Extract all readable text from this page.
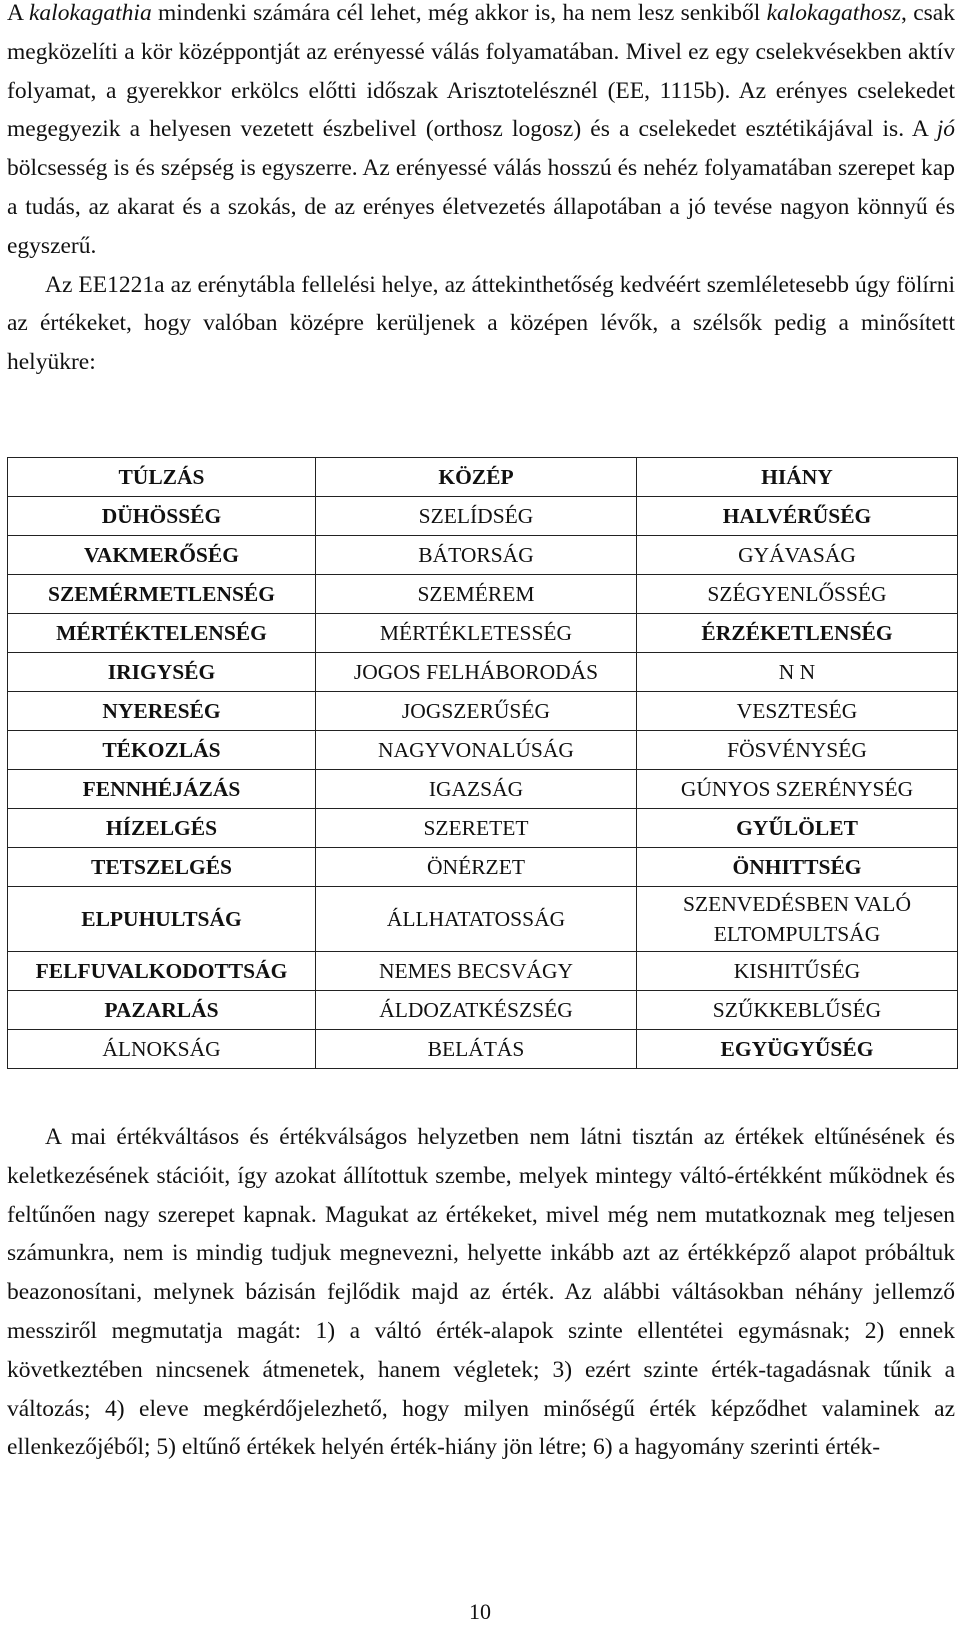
A kalokagathia mindenki számára cél lehet, még akkor is, ha nem lesz senkiből kalokagathosz, csak megközelíti a kör középpontját az erényessé válás folyamatában. Mivel ez egy cselekvésekben aktív folyamat, a gyerekkor erkölcs előtti időszak Arisztotelésznél (EE, 1115b). Az erényes cselekedet megegyezik a helyesen vezetett észbelivel (orthosz logosz) és a cselekedet esztétikájával is. A jó bölcsesség is és szépség is egyszerre. Az erényessé válás hosszú és nehéz folyamatában szerepet kap a tudás, az akarat és a szokás, de az erényes életvezetés állapotában a jó tevése nagyon könnyű és egyszerű.
Az EE1221a az erénytábla fellelési helye, az áttekinthetőség kedvéért szemléletesebb úgy fölírni az értékeket, hogy valóban középre kerüljenek a középen lévők, a szélsők pedig a minősített helyükre:
TÚLZÁS	KÖZÉP	HIÁNY
DÜHÖSSÉG	SZELÍDSÉG	HALVÉRŰSÉG
VAKMERŐSÉG	BÁTORSÁG	GYÁVASÁG
SZEMÉRMETLENSÉG	SZEMÉREM	SZÉGYENLŐSSÉG
MÉRTÉKTELENSÉG	MÉRTÉKLETESSÉG	ÉRZÉKETLENSÉG
IRIGYSÉG	JOGOS FELHÁBORODÁS	N N
NYERESÉG	JOGSZERŰSÉG	VESZTESÉG
TÉKOZLÁS	NAGYVONALÚSÁG	FÖSVÉNYSÉG
FENNHÉJÁZÁS	IGAZSÁG	GÚNYOS SZERÉNYSÉG
HÍZELGÉS	SZERETET	GYŰLÖLET
TETSZELGÉS	ÖNÉRZET	ÖNHITTSÉG
ELPUHULTSÁG	ÁLLHATATOSSÁG	SZENVEDÉSBEN VALÓ ELTOMPULTSÁG
FELFUVALKODOTTSÁG	NEMES BECSVÁGY	KISHITŰSÉG
PAZARLÁS	ÁLDOZATKÉSZSÉG	SZŰKKEBLŰSÉG
ÁLNOKSÁG	BELÁTÁS	EGYÜGYŰSÉG

A mai értékváltásos és értékválságos helyzetben nem látni tisztán az értékek eltűnésének és keletkezésének stációit, így azokat állítottuk szembe, melyek mintegy váltó-értékként működnek és feltűnően nagy szerepet kapnak. Magukat az értékeket, mivel még nem mutatkoznak meg teljesen számunkra, nem is mindig tudjuk megnevezni, helyette inkább azt az értékképző alapot próbáltuk beazonosítani, melynek bázisán fejlődik majd az érték. Az alábbi váltásokban néhány jellemző messziről megmutatja magát: 1) a váltó érték-alapok szinte ellentétei egymásnak; 2) ennek következtében nincsenek átmenetek, hanem végletek; 3) ezért szinte érték-tagadásnak tűnik a változás; 4) eleve megkérdőjelezhető, hogy milyen minőségű érték képződhet valaminek az ellenkezőjéből; 5) eltűnő értékek helyén érték-hiány jön létre; 6) a hagyomány szerinti érték-

10
